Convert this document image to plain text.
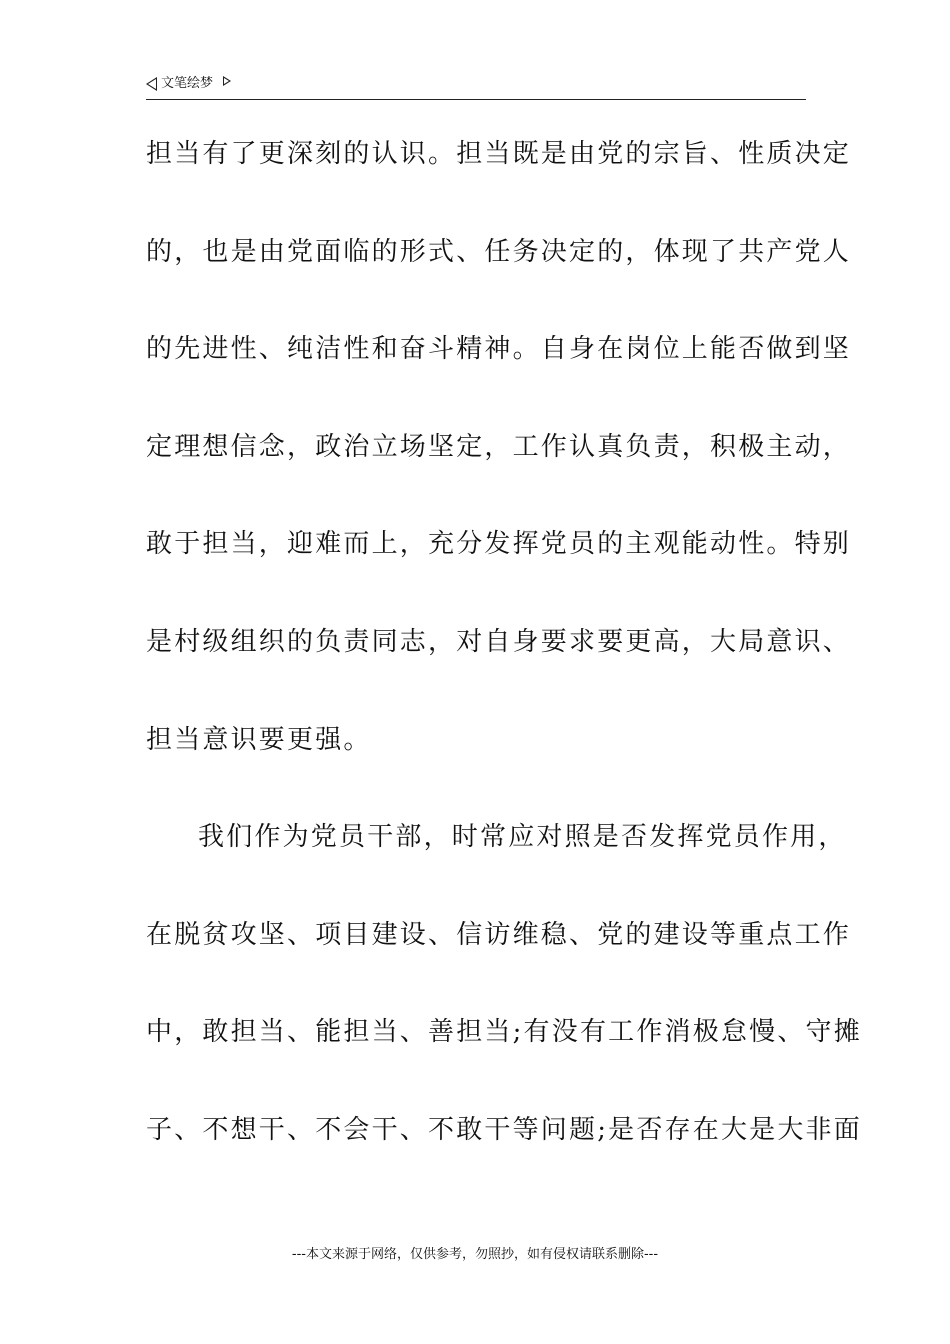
文笔绘梦
担当有了更深刻的认识。担当既是由党的宗旨、性质决定
的，也是由党面临的形式、任务决定的，体现了共产党人
的先进性、纯洁性和奋斗精神。自身在岗位上能否做到坚
定理想信念，政治立场坚定，工作认真负责，积极主动，
敢于担当，迎难而上，充分发挥党员的主观能动性。特别
是村级组织的负责同志，对自身要求要更高，大局意识、
担当意识要更强。
我们作为党员干部，时常应对照是否发挥党员作用，
在脱贫攻坚、项目建设、信访维稳、党的建设等重点工作
中，敢担当、能担当、善担当;有没有工作消极怠慢、守摊
子、不想干、不会干、不敢干等问题;是否存在大是大非面
---本文来源于网络，仅供参考，勿照抄，如有侵权请联系删除---
